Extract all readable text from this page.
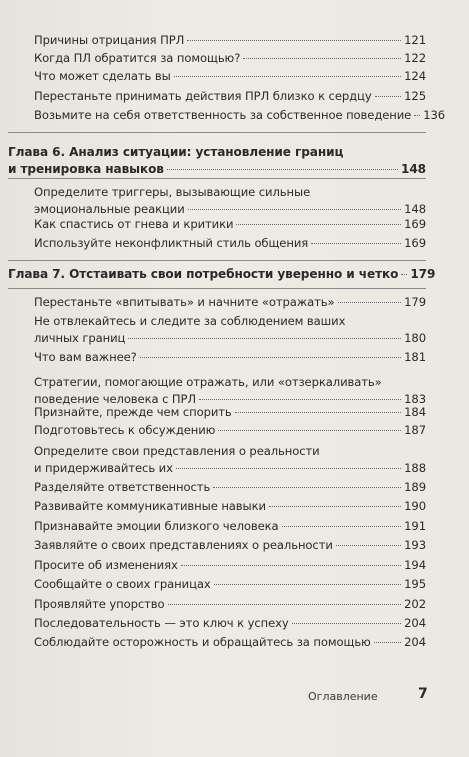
Причины отрицания ПРЛ	121
Когда ПЛ обратится за помощью?	122
Что может сделать вы	124
Перестаньте принимать действия ПРЛ близко к сердцу	125
Возьмите на себя ответственность за собственное поведение 136
Глава 6. Анализ ситуации: установление границ
и тренировка навыков	148
Определите триггеры, вызывающие сильные
эмоциональные реакции	148
Как спастись от гнева и критики	169
Используйте неконфликтный стиль общения	169
Глава 7. Отстаивать свои потребности уверенно и четко 179
Перестаньте «впитывать» и начните «отражать»	179
Не отвлекайтесь и следите за соблюдением ваших
личных границ	180
Что вам важнее?	181
Стратегии, помогающие отражать, или «отзеркаливать»
поведение человека с ПРЛ	183
Признайте, прежде чем спорить	184
Подготовьтесь к обсуждению	187
Определите свои представления о реальности
и придерживайтесь их	188
Разделяйте ответственность	189
Развивайте коммуникативные навыки	190
Признавайте эмоции близкого человека	191
Заявляйте о своих представлениях о реальности	193
Просите об изменениях	194
Сообщайте о своих границах	195
Проявляйте упорство	202
Последовательность — это ключ к успеху	204
Соблюдайте осторожность и обращайтесь за помощью	204
Оглавление	7
